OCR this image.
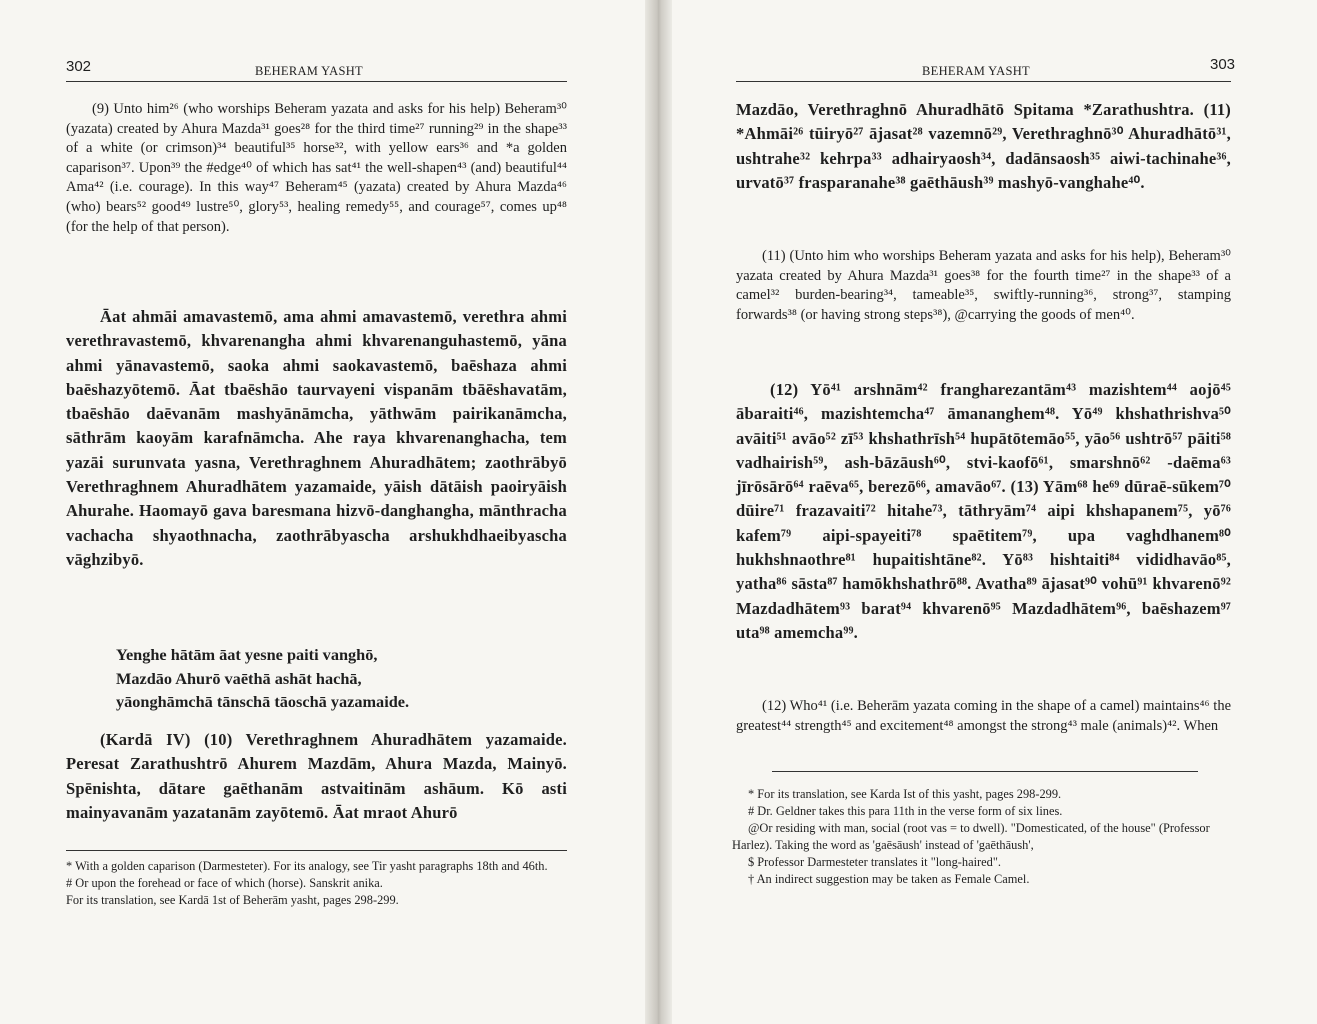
302	BEHERAM YASHT

(9) Unto him²⁶ (who worships Beheram yazata and asks for his help) Beheram³⁰ (yazata) created by Ahura Mazda³¹ goes²⁸ for the third time²⁷ running²⁹ in the shape³³ of a white (or crimson)³⁴ beautiful³⁵ horse³², with yellow ears³⁶ and *a golden caparison³⁷. Upon³⁹ the #edge⁴⁰ of which has sat⁴¹ the well-shapen⁴³ (and) beautiful⁴⁴ Ama⁴² (i.e. courage). In this way⁴⁷ Beheram⁴⁵ (yazata) created by Ahura Mazda⁴⁶ (who) bears⁵² good⁴⁹ lustre⁵⁰, glory⁵³, healing remedy⁵⁵, and courage⁵⁷, comes up⁴⁸ (for the help of that person).

Āat ahmāi amavastemō, ama ahmi amavastemō, verethra ahmi verethravastemō, khvarenangha ahmi khvarenanguhastemō, yāna ahmi yānavastemō, saoka ahmi saokavastemō, baēshaza ahmi baēshazyōtemō. Āat tbaēshāo taurvayeni vispanām tbāēshavatām, tbaēshāo daēvanām mashyānāmcha, yāthwām pairikanāmcha, sāthrām kaoyām karafnāmcha. Ahe raya khvarenanghacha, tem yazāi surunvata yasna, Verethraghnem Ahuradhātem; zaothrābyō Verethraghnem Ahuradhātem yazamaide, yāish dātāish paoiryāish Ahurahe. Haomayō gava baresmana hizvō-danghangha, mānthracha vachacha shyaothnacha, zaothrābyascha arshukhdhaeibyascha vāghzibyō.

Yenghe hātām āat yesne paiti vanghō,
Mazdāo Ahurō vaēthā ashāt hachā,
yāonghāmchā tānschā tāoschā yazamaide.

(Kardā IV) (10) Verethraghnem Ahuradhātem yazamaide. Peresat Zarathushtrō Ahurem Mazdām, Ahura Mazda, Mainyō. Spēnishta, dātare gaēthanām astvaitinām ashāum. Kō asti mainyavanām yazatanām zayōtemō. Āat mraot Ahurō

* With a golden caparison (Darmesteter). For its analogy, see Tir yasht paragraphs 18th and 46th.

# Or upon the forehead or face of which (horse). Sanskrit anika.

For its translation, see Kardā 1st of Beherām yasht, pages 298-299.

BEHERAM YASHT	303

Mazdāo, Verethraghnō Ahuradhātō Spitama *Zarathushtra. (11) *Ahmāi²⁶ tūiryō²⁷ ājasat²⁸ vazemnō²⁹, Verethraghnō³⁰ Ahuradhātō³¹, ushtrahe³² kehrpa³³ adhairyaosh³⁴, dadānsaosh³⁵ aiwi-tachinahe³⁶, urvatō³⁷ frasparanahe³⁸ gaēthāush³⁹ mashyō-vanghahe⁴⁰.

(11) (Unto him who worships Beheram yazata and asks for his help), Beheram³⁰ yazata created by Ahura Mazda³¹ goes³⁸ for the fourth time²⁷ in the shape³³ of a camel³² burden-bearing³⁴, tameable³⁵, swiftly-running³⁶, strong³⁷, stamping forwards³⁸ (or having strong steps³⁸), @carrying the goods of men⁴⁰.

(12) Yō⁴¹ arshnām⁴² frangharezantām⁴³ mazishtem⁴⁴ aojō⁴⁵ ābaraiti⁴⁶, mazishtemcha⁴⁷ āmananghem⁴⁸. Yō⁴⁹ khshathrishva⁵⁰ avāiti⁵¹ avāo⁵² zī⁵³ khshathrīsh⁵⁴ hupātōtemāo⁵⁵, yāo⁵⁶ ushtrō⁵⁷ pāiti⁵⁸ vadhairish⁵⁹, ash-bāzāush⁶⁰, stvi-kaofō⁶¹, smarshnō⁶² -daēma⁶³ jīrōsārō⁶⁴ raēva⁶⁵, berezō⁶⁶, amavāo⁶⁷. (13) Yām⁶⁸ he⁶⁹ dūraē-sūkem⁷⁰ dūire⁷¹ frazavaiti⁷² hitahe⁷³, tāthryām⁷⁴ aipi khshapanem⁷⁵, yō⁷⁶ kafem⁷⁹ aipi-spayeiti⁷⁸ spaētitem⁷⁹, upa vaghdhanem⁸⁰ hukhshnaothre⁸¹ hupaitishtāne⁸². Yō⁸³ hishtaiti⁸⁴ vididhavāo⁸⁵, yatha⁸⁶ sāsta⁸⁷ hamōkhshathrō⁸⁸. Avatha⁸⁹ ājasat⁹⁰ vohū⁹¹ khvarenō⁹² Mazdadhātem⁹³ barat⁹⁴ khvarenō⁹⁵ Mazdadhātem⁹⁶, baēshazem⁹⁷ uta⁹⁸ amemcha⁹⁹.

(12) Who⁴¹ (i.e. Beherām yazata coming in the shape of a camel) maintains⁴⁶ the greatest⁴⁴ strength⁴⁵ and excitement⁴⁸ amongst the strong⁴³ male (animals)⁴². When

* For its translation, see Karda Ist of this yasht, pages 298-299.

# Dr. Geldner takes this para 11th in the verse form of six lines.

@Or residing with man, social (root vas = to dwell). "Domesticated, of the house" (Professor Harlez). Taking the word as 'gaēsāush' instead of 'gaēthāush',

$ Professor Darmesteter translates it "long-haired".

† An indirect suggestion may be taken as Female Camel.
